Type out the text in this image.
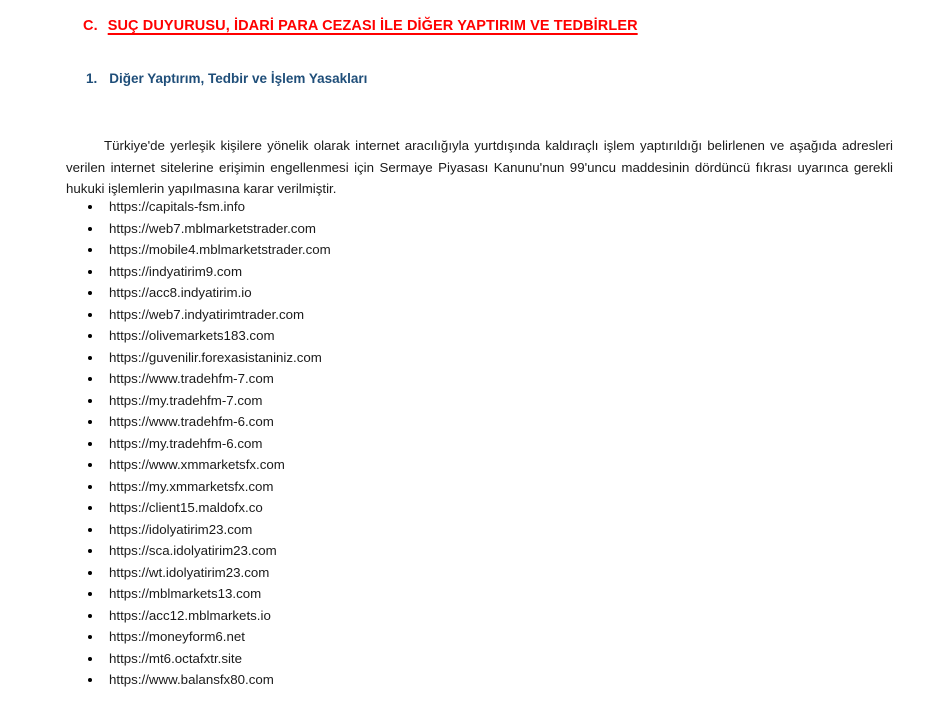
C. SUÇ DUYURUSU, İDARİ PARA CEZASI İLE DİĞER YAPTIRIM VE TEDBİRLER
1. Diğer Yaptırım, Tedbir ve İşlem Yasakları

Türkiye'de yerleşik kişilere yönelik olarak internet aracılığıyla yurtdışında kaldıraçlı işlem yaptırıldığı belirlenen ve aşağıda adresleri verilen internet sitelerine erişimin engellenmesi için Sermaye Piyasası Kanunu'nun 99'uncu maddesinin dördüncü fıkrası uyarınca gerekli hukuki işlemlerin yapılmasına karar verilmiştir.

https://capitals-fsm.info
https://web7.mblmarketstrader.com
https://mobile4.mblmarketstrader.com
https://indyatirim9.com
https://acc8.indyatirim.io
https://web7.indyatirimtrader.com
https://olivemarkets183.com
https://guvenilir.forexasistaniniz.com
https://www.tradehfm-7.com
https://my.tradehfm-7.com
https://www.tradehfm-6.com
https://my.tradehfm-6.com
https://www.xmmarketsfx.com
https://my.xmmarketsfx.com
https://client15.maldofx.co
https://idolyatirim23.com
https://sca.idolyatirim23.com
https://wt.idolyatirim23.com
https://mblmarkets13.com
https://acc12.mblmarkets.io
https://moneyform6.net
https://mt6.octafxtr.site
https://www.balansfx80.com
